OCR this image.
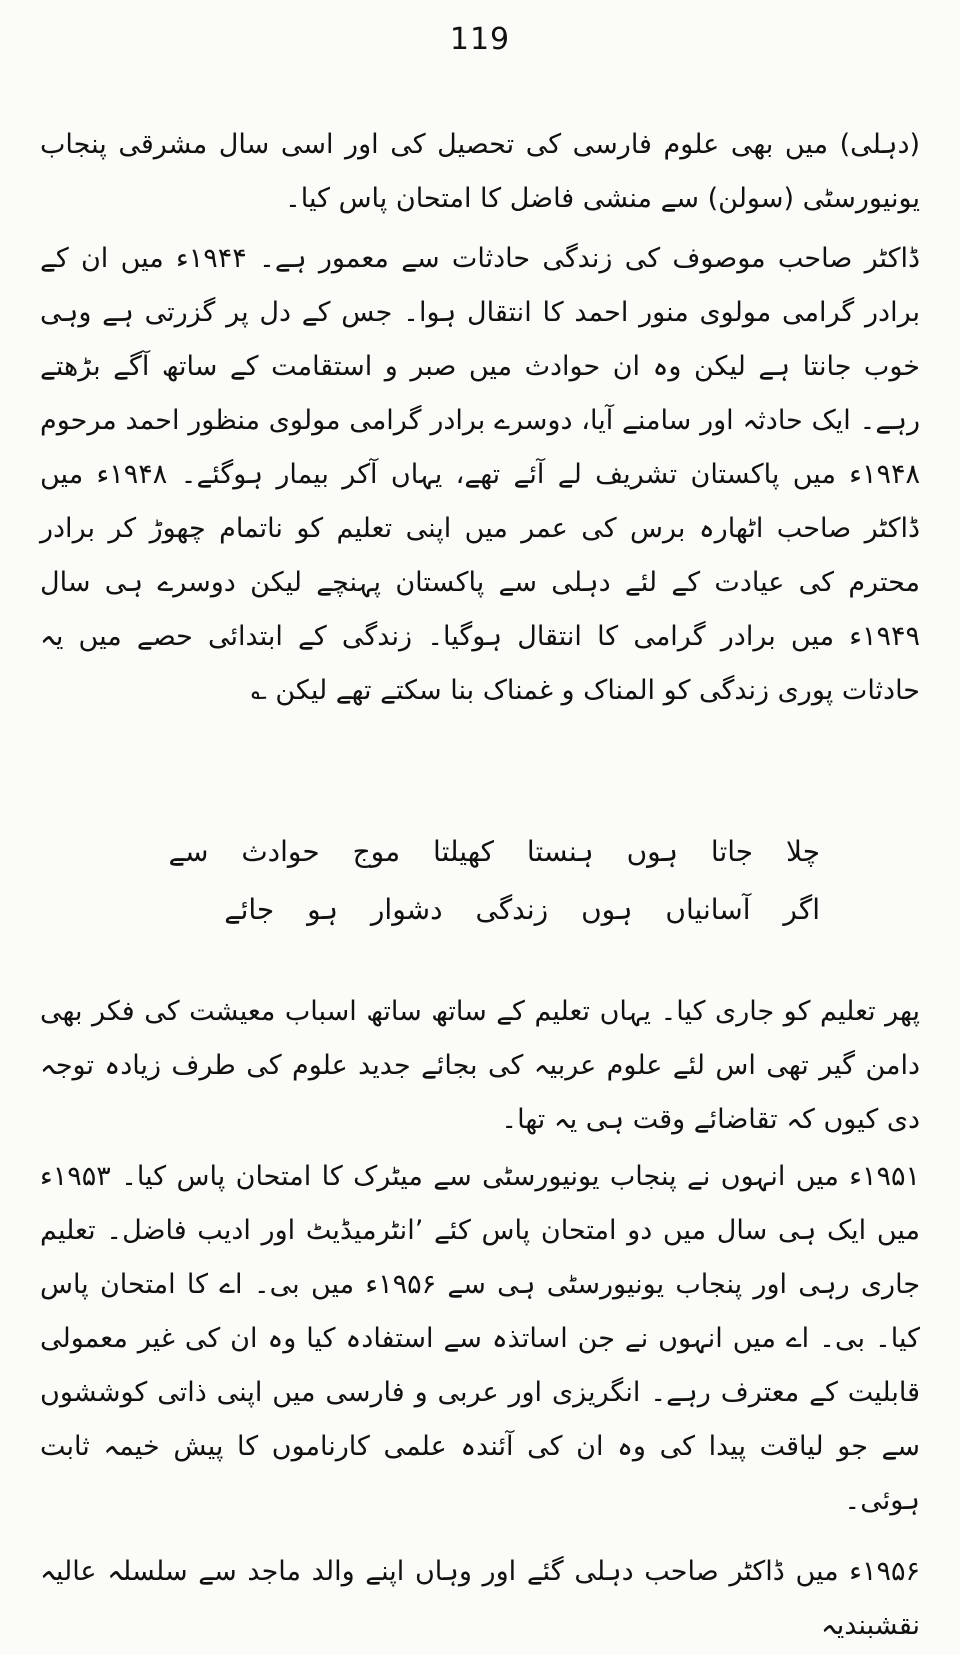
119
(دہلی) میں بھی علوم فارسی کی تحصیل کی اور اسی سال مشرقی پنجاب یونیورسٹی (سولن) سے منشی فاضل کا امتحان پاس کیا۔
ڈاکٹر صاحب موصوف کی زندگی حادثات سے معمور ہے۔ ۱۹۴۴ء میں ان کے برادر گرامی مولوی منور احمد کا انتقال ہوا۔ جس کے دل پر گزرتی ہے وہی خوب جانتا ہے لیکن وہ ان حوادث میں صبر و استقامت کے ساتھ آگے بڑھتے رہے۔ ایک حادثہ اور سامنے آیا، دوسرے برادر گرامی مولوی منظور احمد مرحوم ۱۹۴۸ء میں پاکستان تشریف لے آئے تھے، یہاں آکر بیمار ہوگئے۔ ۱۹۴۸ء میں ڈاکٹر صاحب اٹھارہ برس کی عمر میں اپنی تعلیم کو ناتمام چھوڑ کر برادر محترم کی عیادت کے لئے دہلی سے پاکستان پہنچے لیکن دوسرے ہی سال ۱۹۴۹ء میں برادر گرامی کا انتقال ہوگیا۔ زندگی کے ابتدائی حصے میں یہ حادثات پوری زندگی کو المناک و غمناک بنا سکتے تھے لیکن ؎
چلا جاتا ہوں ہنستا کھیلتا موج حوادث سے
اگر آسانیاں ہوں زندگی دشوار ہو جائے
پھر تعلیم کو جاری کیا۔ یہاں تعلیم کے ساتھ ساتھ اسباب معیشت کی فکر بھی دامن گیر تھی اس لئے علوم عربیہ کی بجائے جدید علوم کی طرف زیادہ توجہ دی کیوں کہ تقاضائے وقت ہی یہ تھا۔
۱۹۵۱ء میں انہوں نے پنجاب یونیورسٹی سے میٹرک کا امتحان پاس کیا۔ ۱۹۵۳ء میں ایک ہی سال میں دو امتحان پاس کئے ’انٹرمیڈیٹ اور ادیب فاضل۔ تعلیم جاری رہی اور پنجاب یونیورسٹی ہی سے ۱۹۵۶ء میں بی۔ اے کا امتحان پاس کیا۔ بی۔ اے میں انہوں نے جن اساتذہ سے استفادہ کیا وہ ان کی غیر معمولی قابلیت کے معترف رہے۔ انگریزی اور عربی و فارسی میں اپنی ذاتی کوششوں سے جو لیاقت پیدا کی وہ ان کی آئندہ علمی کارناموں کا پیش خیمہ ثابت ہوئی۔
۱۹۵۶ء میں ڈاکٹر صاحب دہلی گئے اور وہاں اپنے والد ماجد سے سلسلہ عالیہ نقشبندیہ
